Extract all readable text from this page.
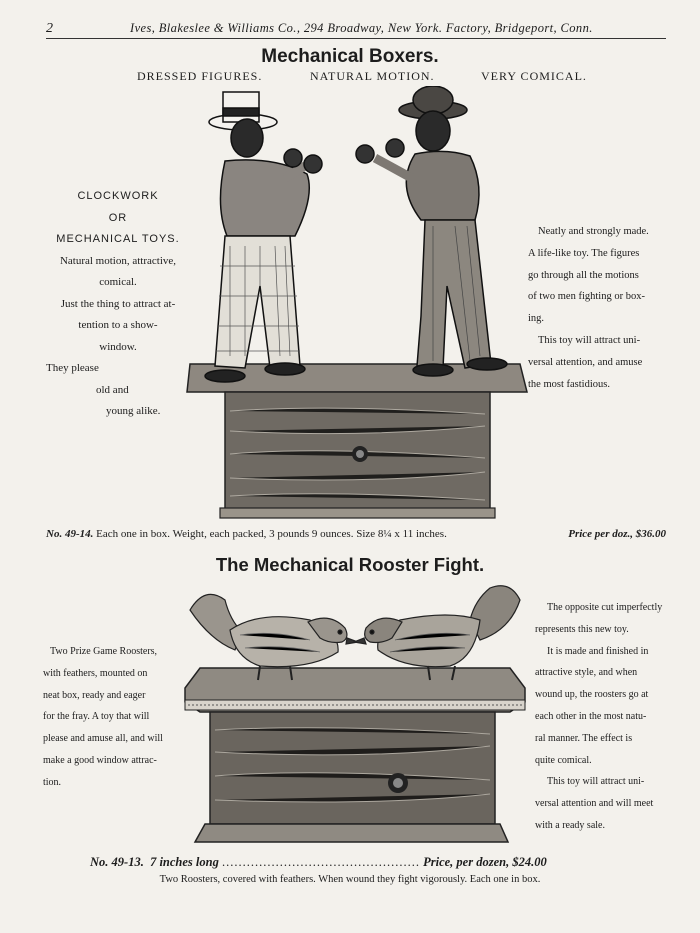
2	Ives, Blakeslee & Williams Co., 294 Broadway, New York. Factory, Bridgeport, Conn.
Mechanical Boxers.
DRESSED FIGURES.	NATURAL MOTION.	VERY COMICAL.
CLOCKWORK
OR
MECHANICAL TOYS.
Natural motion, attractive,
comical.
Just the thing to attract at-
tention to a show-
window.
They please
old and
young alike.
Neatly and strongly made.
A life-like toy. The figures
go through all the motions
of two men fighting or box-
ing.
This toy will attract uni-
versal attention, and amuse
the most fastidious.
No. 49-14. Each one in box. Weight, each packed, 3 pounds 9 ounces. Size 8¼ x 11 inches.	Price per doz., $36.00
The Mechanical Rooster Fight.
Two Prize Game Roosters,
with feathers, mounted on
neat box, ready and eager
for the fray. A toy that will
please and amuse all, and will
make a good window attrac-
tion.
The opposite cut imperfectly
represents this new toy.
It is made and finished in
attractive style, and when
wound up, the roosters go at
each other in the most natu-
ral manner. The effect is
quite comical.
This toy will attract uni-
versal attention and will meet
with a ready sale.
No. 49-13. 7 inches long ................................................ Price, per dozen, $24.00
Two Roosters, covered with feathers. When wound they fight vigorously. Each one in box.
